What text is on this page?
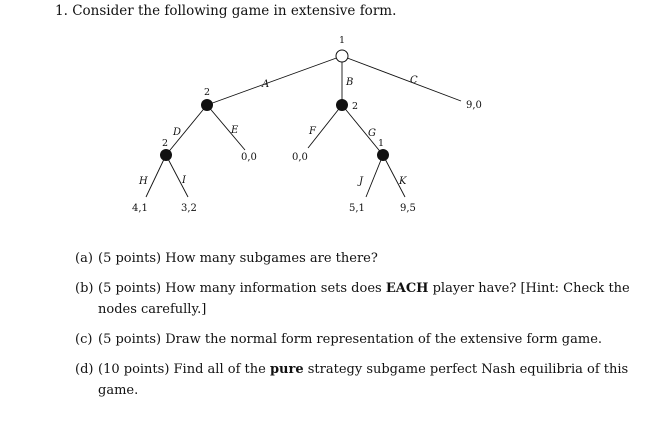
1. Consider the following game in extensive form.
1
2
2
2	1
A	B	C
D	E	F	G
H	I	J	K
9,0
0,0	0,0
4,1	3,2	5,1	9,5
(a) (5 points) How many subgames are there?
(b) (5 points) How many information sets does EACH player have? [Hint: Check the nodes carefully.]
(c) (5 points) Draw the normal form representation of the extensive form game.
(d) (10 points) Find all of the pure strategy subgame perfect Nash equilibria of this game.
